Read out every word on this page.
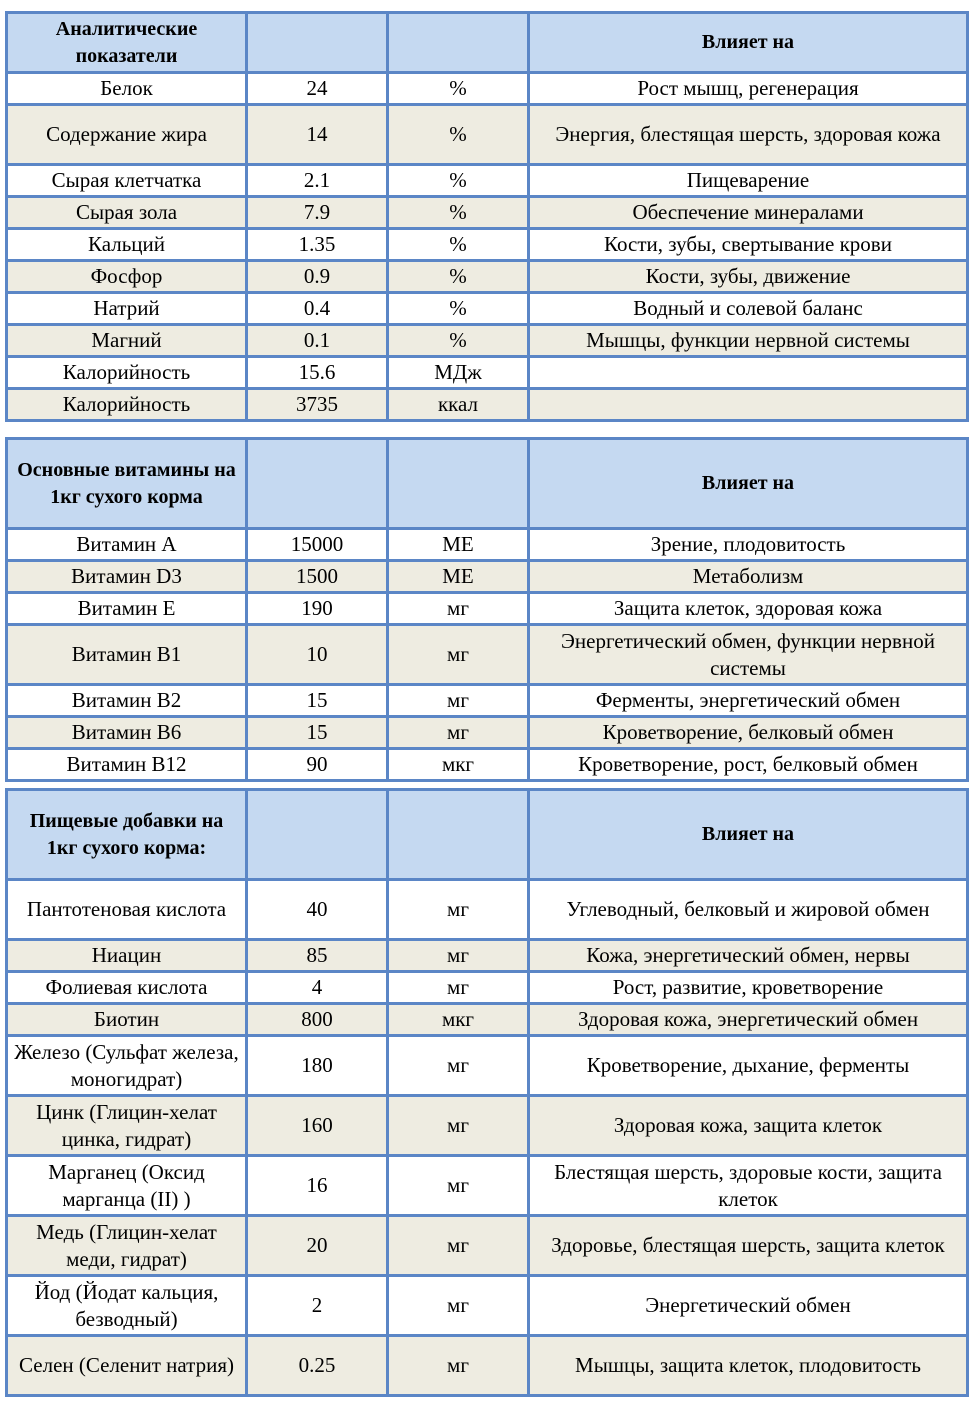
Аналитические показатели			Влияет на
Белок	24	%	Рост мышц, регенерация
Содержание жира	14	%	Энергия, блестящая шерсть, здоровая кожа
Сырая клетчатка	2.1	%	Пищеварение
Сырая зола	7.9	%	Обеспечение минералами
Кальций	1.35	%	Кости, зубы, свертывание крови
Фосфор	0.9	%	Кости, зубы, движение
Натрий	0.4	%	Водный и солевой баланс
Магний	0.1	%	Мышцы, функции нервной системы
Калорийность	15.6	МДж	
Калорийность	3735	ккал	
Основные витамины на 1кг сухого корма			Влияет на
Витамин А	15000	МЕ	Зрение, плодовитость
Витамин D3	1500	МЕ	Метаболизм
Витамин Е	190	мг	Защита клеток, здоровая кожа
Витамин В1	10	мг	Энергетический обмен, функции нервной системы
Витамин В2	15	мг	Ферменты, энергетический обмен
Витамин В6	15	мг	Кроветворение, белковый обмен
Витамин В12	90	мкг	Кроветворение, рост, белковый обмен
Пищевые добавки на 1кг сухого корма:			Влияет на
Пантотеновая кислота	40	мг	Углеводный, белковый и жировой обмен
Ниацин	85	мг	Кожа, энергетический обмен, нервы
Фолиевая кислота	4	мг	Рост, развитие, кроветворение
Биотин	800	мкг	Здоровая кожа, энергетический обмен
Железо (Сульфат железа, моногидрат)	180	мг	Кроветворение, дыхание, ферменты
Цинк (Глицин-хелат цинка, гидрат)	160	мг	Здоровая кожа, защита клеток
Марганец (Оксид марганца (II) )	16	мг	Блестящая шерсть, здоровые кости, защита клеток
Медь (Глицин-хелат меди, гидрат)	20	мг	Здоровье, блестящая шерсть, защита клеток
Йод (Йодат кальция, безводный)	2	мг	Энергетический обмен
Селен (Селенит натрия)	0.25	мг	Мышцы, защита клеток, плодовитость
